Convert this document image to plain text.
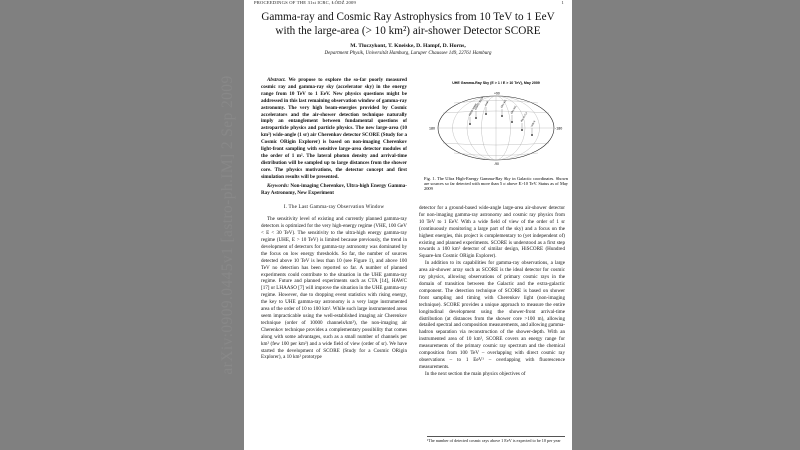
arXiv:0909.0445v1 [astro-ph.IM] 2 Sep 2009
PROCEEDINGS OF THE 31st ICRC, ŁÓDŹ 2009	1
Gamma-ray and Cosmic Ray Astrophysics from 10 TeV to 1 EeV
with the large-area (> 10 km²) air-shower Detector SCORE
M. Tluczykont, T. Kneiske, D. Hampf, D. Horns,
Department Physik, Universität Hamburg, Luruper Chaussee 149, 22761 Hamburg

Abstract. We propose to explore the so-far poorly measured cosmic ray and gamma-ray sky (accelerator sky) in the energy range from 10 TeV to 1 EeV. New physics questions might be addressed in this last remaining observation window of gamma-ray astronomy. The very high beam-energies provided by Cosmic accelerators and the air-shower detection technique naturally imply an entanglement between fundamental questions of astroparticle physics and particle physics. The new large-area (10 km²) wide-angle (1 sr) air Cherenkov detector SCORE (Study for a Cosmic ORigin Explorer) is based on non-imaging Cherenkov light-front sampling with sensitive large-area detector modules of the order of 1 m². The lateral photon density and arrival-time distribution will be sampled up to large distances from the shower core. The physics motivations, the detector concept and first simulation results will be presented.

Keywords: Non-imaging Cherenkov, Ultra-high Energy Gamma-Ray Astronomy, New Experiment

I. The Last Gamma-ray Observation Window

The sensitivity level of existing and currently planned gamma-ray detectors is optimized for the very high-energy regime (VHE, 100 GeV < E < 30 TeV). The sensitivity to the ultra-high energy gamma-ray regime (UHE, E > 10 TeV) is limited because previously, the trend in development of detectors for gamma-ray astronomy was dominated by the focus on low energy thresholds. So far, the number of sources detected above 10 TeV is less than 10 (see Figure 1), and above 100 TeV no detection has been reported so far. A number of planned experiments could contribute to the situation in the UHE gamma-ray regime. Future and planned experiments such as CTA [14], HAWC [17] or LHAASO [7] will improve the situation in the UHE gamma-ray regime. However, due to dropping event statistics with rising energy, the key to UHE gamma-ray astronomy is a very large instrumented area of the order of 10 to 100 km². While such large instrumented areas seem impracticable using the well-established imaging air Cherenkov technique (order of 10000 channels/km²), the non-imaging air Cherenkov technique provides a complementary possibility that comes along with some advantages, such as a small number of channels per km² (few 100 per km²) and a wide field of view (order of sr). We have started the development of SCORE (Study for a Cosmic ORigin Explorer), a 10 km² prototype

UHE Gamma-Ray Sky (E > 1 / E > 10 TeV), May 2009
180	-180
+90
-90
HESS J1908
MGRO J2019 Crab	Mkn 421
Mkn 501
RX J1713
Vela X
Fig. 1. The Ultra High-Energy Gamma-Ray Sky in Galactic coordinates. Shown are sources so far detected with more than 5 σ above E>10 TeV. Status as of May 2009

detector for a ground-based wide-angle large-area air-shower detector for non-imaging gamma-ray astronomy and cosmic ray physics from 10 TeV to 1 EeV. With a wide field of view of the order of 1 sr (continuously monitoring a large part of the sky) and a focus on the highest energies, this project is complementary to (yet independent of) existing and planned experiments. SCORE is understood as a first step towards a 100 km² detector of similar design, HiSCORE (Hundred Square-km Cosmic ORigin Explorer).

In addition to its capabilities for gamma-ray observations, a large area air-shower array such as SCORE is the ideal detector for cosmic ray physics, allowing observations of primary cosmic rays in the domain of transition between the Galactic and the extra-galactic component. The detection technique of SCORE is based on shower front sampling and timing with Cherenkov light (non-imaging technique). SCORE provides a unique approach to measure the entire longitudinal development using the shower-front arrival-time distribution (at distances from the shower core >100 m), allowing detailed spectral and composition measurements, and allowing gamma-hadron separation via reconstruction of the shower-depth. With an instrumented area of 10 km², SCORE covers an energy range for measurements of the primary cosmic ray spectrum and the chemical composition from 100 TeV – overlapping with direct cosmic ray observations – to 1 EeV¹ – overlapping with fluorescence measurements.

In the next section the main physics objectives of

¹The number of detected cosmic rays above 1 EeV is expected to be 10 per year
